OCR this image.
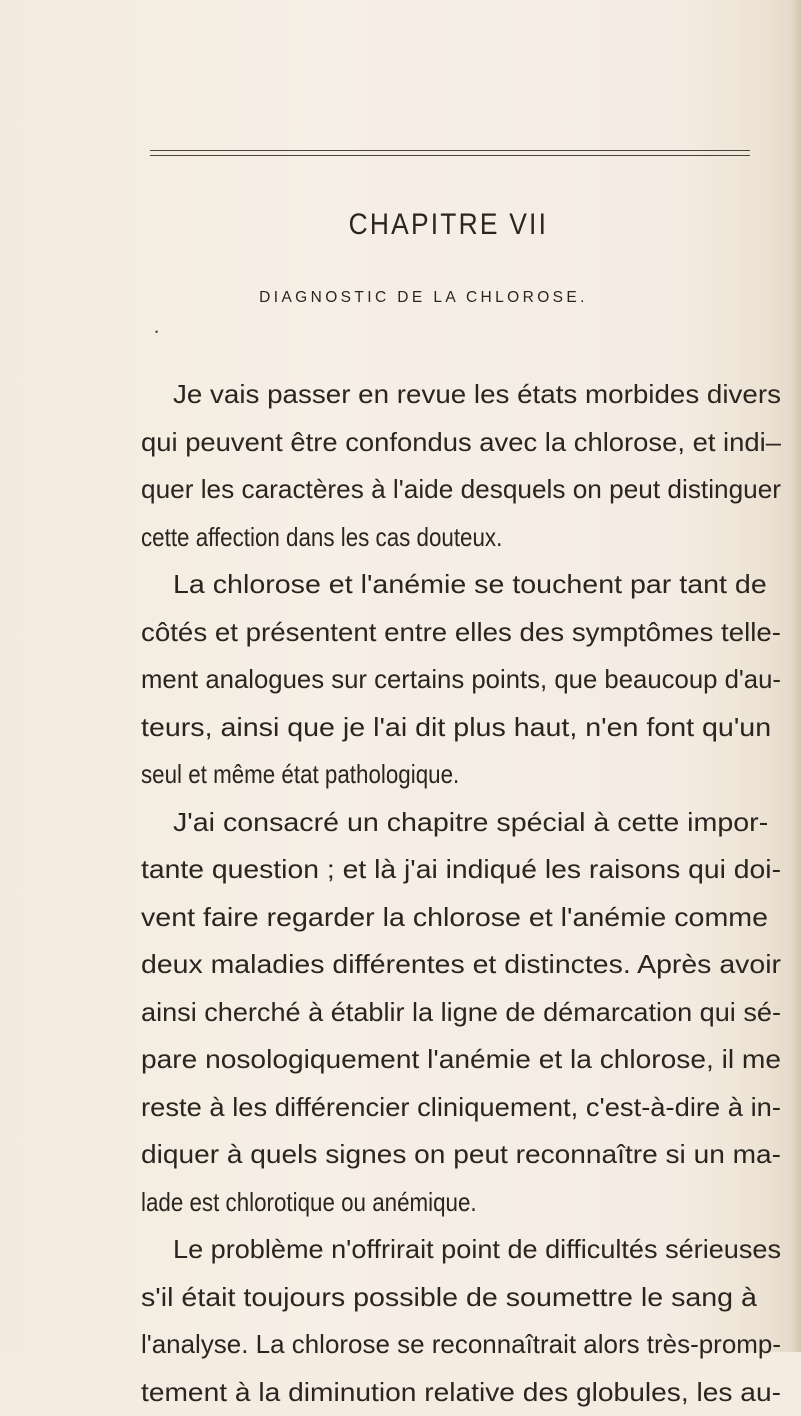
CHAPITRE VII
DIAGNOSTIC DE LA CHLOROSE.
•
Je vais passer en revue les états morbides divers
qui peuvent être confondus avec la chlorose, et indi–
quer les caractères à l'aide desquels on peut distinguer
cette affection dans les cas douteux.
La chlorose et l'anémie se touchent par tant de
côtés et présentent entre elles des symptômes telle-
ment analogues sur certains points, que beaucoup d'au-
teurs, ainsi que je l'ai dit plus haut, n'en font qu'un
seul et même état pathologique.
J'ai consacré un chapitre spécial à cette impor-
tante question ; et là j'ai indiqué les raisons qui doi-
vent faire regarder la chlorose et l'anémie comme
deux maladies différentes et distinctes. Après avoir
ainsi cherché à établir la ligne de démarcation qui sé-
pare nosologiquement l'anémie et la chlorose, il me
reste à les différencier cliniquement, c'est-à-dire à in-
diquer à quels signes on peut reconnaître si un ma-
lade est chlorotique ou anémique.
Le problème n'offrirait point de difficultés sérieuses
s'il était toujours possible de soumettre le sang à
l'analyse. La chlorose se reconnaîtrait alors très-promp-
tement à la diminution relative des globules, les au-
